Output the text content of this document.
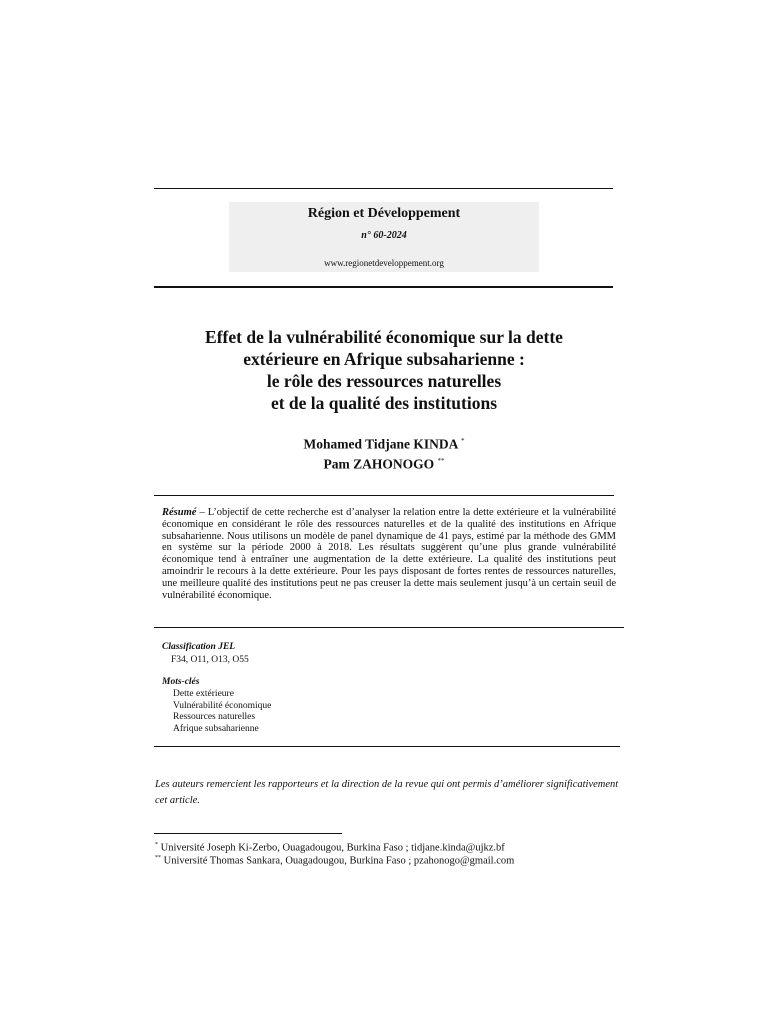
Région et Développement
n° 60-2024
www.regionetdeveloppement.org
Effet de la vulnérabilité économique sur la dette
extérieure en Afrique subsaharienne :
le rôle des ressources naturelles
et de la qualité des institutions
Mohamed Tidjane KINDA *
Pam ZAHONOGO **
Résumé – L’objectif de cette recherche est d’analyser la relation entre la dette extérieure et la vulnérabilité économique en considérant le rôle des ressources naturelles et de la qualité des institutions en Afrique subsaharienne. Nous utilisons un modèle de panel dynamique de 41 pays, estimé par la méthode des GMM en système sur la période 2000 à 2018. Les résultats suggèrent qu’une plus grande vulnérabilité économique tend à entraîner une augmentation de la dette extérieure. La qualité des institutions peut amoindrir le recours à la dette extérieure. Pour les pays disposant de fortes rentes de ressources naturelles, une meilleure qualité des institutions peut ne pas creuser la dette mais seulement jusqu’à un certain seuil de vulnérabilité économique.
Classification JEL
F34, O11, O13, O55
Mots-clés
Dette extérieure
Vulnérabilité économique
Ressources naturelles
Afrique subsaharienne
Les auteurs remercient les rapporteurs et la direction de la revue qui ont permis d’améliorer significativement cet article.
* Université Joseph Ki-Zerbo, Ouagadougou, Burkina Faso ; tidjane.kinda@ujkz.bf
** Université Thomas Sankara, Ouagadougou, Burkina Faso ; pzahonogo@gmail.com
